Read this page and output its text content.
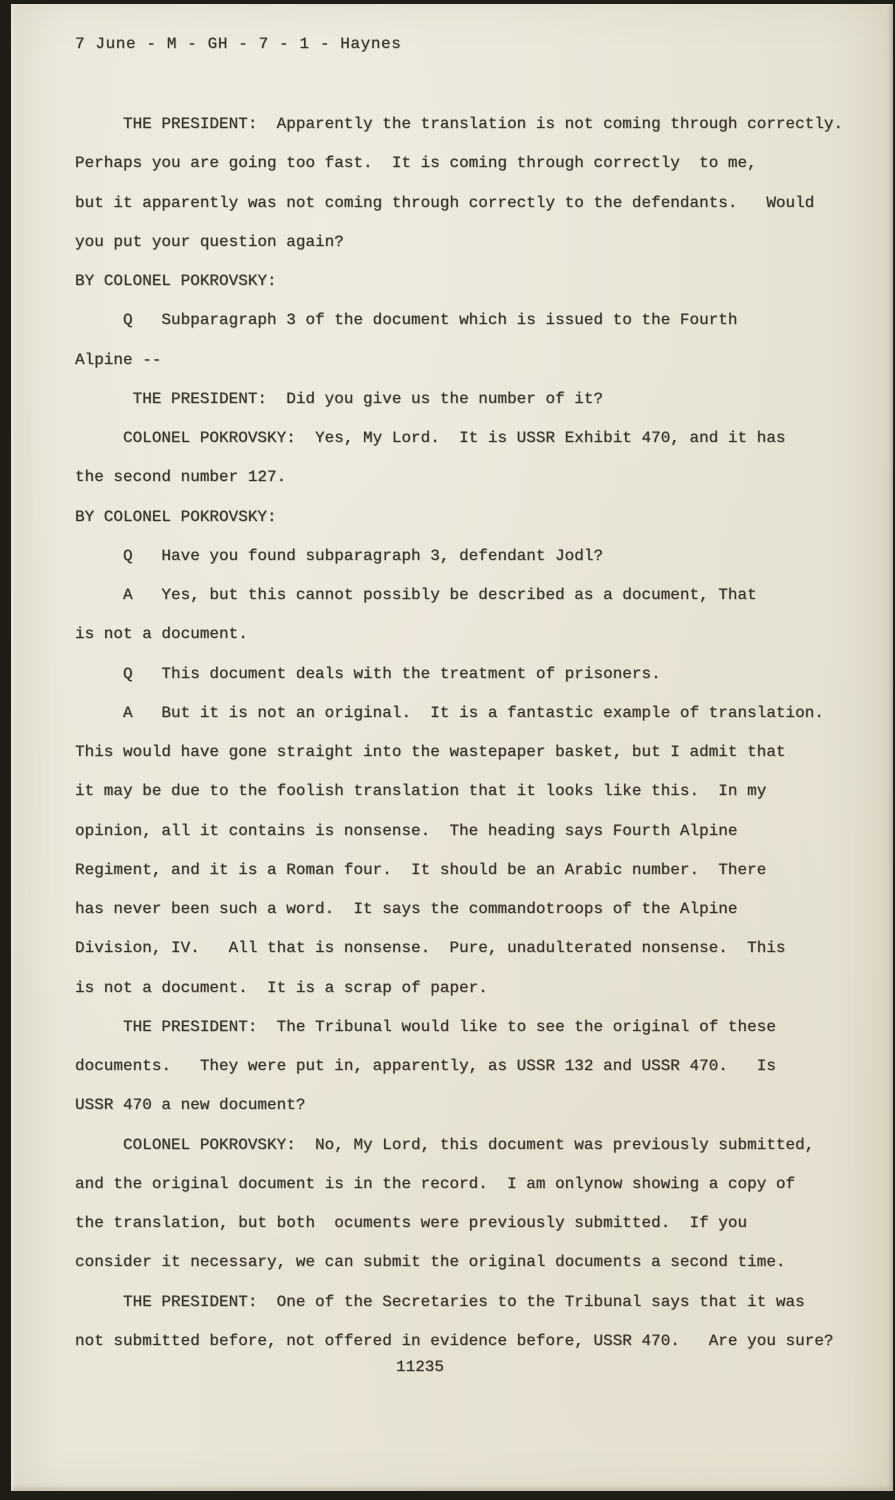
7 June - M - GH - 7 - 1 - Haynes
THE PRESIDENT:  Apparently the translation is not coming through correctly.
Perhaps you are going too fast.  It is coming through correctly  to me,
but it apparently was not coming through correctly to the defendants.   Would
you put your question again?
BY COLONEL POKROVSKY:
Q   Subparagraph 3 of the document which is issued to the Fourth
Alpine --
THE PRESIDENT:  Did you give us the number of it?
COLONEL POKROVSKY:  Yes, My Lord.  It is USSR Exhibit 470, and it has
the second number 127.
BY COLONEL POKROVSKY:
Q   Have you found subparagraph 3, defendant Jodl?
A   Yes, but this cannot possibly be described as a document, That
is not a document.
Q   This document deals with the treatment of prisoners.
A   But it is not an original.  It is a fantastic example of translation.
This would have gone straight into the wastepaper basket, but I admit that
it may be due to the foolish translation that it looks like this.  In my
opinion, all it contains is nonsense.  The heading says Fourth Alpine
Regiment, and it is a Roman four.  It should be an Arabic number.  There
has never been such a word.  It says the commandotroops of the Alpine
Division, IV.   All that is nonsense.  Pure, unadulterated nonsense.  This
is not a document.  It is a scrap of paper.
THE PRESIDENT:  The Tribunal would like to see the original of these
documents.   They were put in, apparently, as USSR 132 and USSR 470.   Is
USSR 470 a new document?
COLONEL POKROVSKY:  No, My Lord, this document was previously submitted,
and the original document is in the record.  I am onlynow showing a copy of
the translation, but both  ocuments were previously submitted.  If you
consider it necessary, we can submit the original documents a second time.
THE PRESIDENT:  One of the Secretaries to the Tribunal says that it was
not submitted before, not offered in evidence before, USSR 470.   Are you sure?
11235
